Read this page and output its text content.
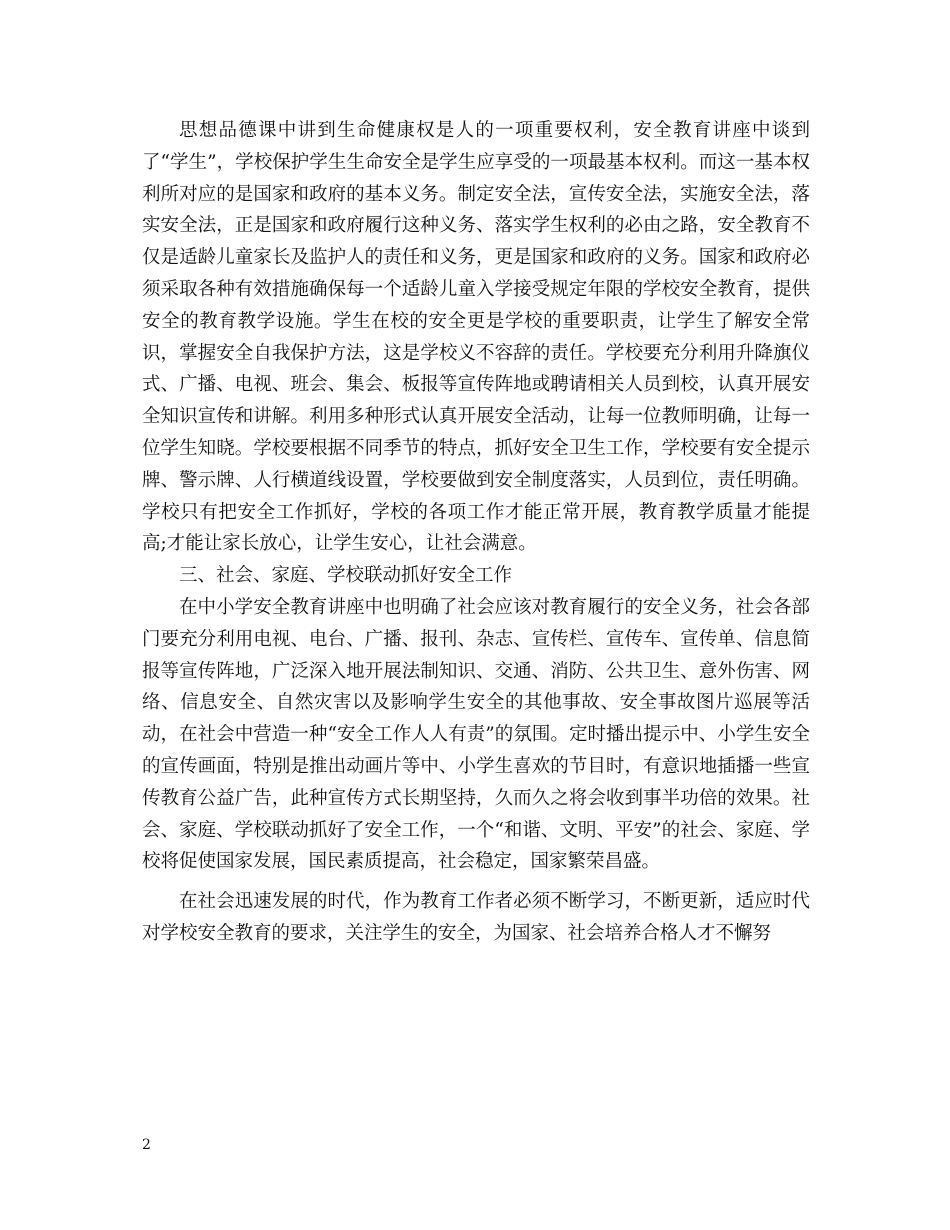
思想品德课中讲到生命健康权是人的一项重要权利，安全教育讲座中谈到了“学生”，学校保护学生生命安全是学生应享受的一项最基本权利。而这一基本权利所对应的是国家和政府的基本义务。制定安全法，宣传安全法，实施安全法，落实安全法，正是国家和政府履行这种义务、落实学生权利的必由之路，安全教育不仅是适龄儿童家长及监护人的责任和义务，更是国家和政府的义务。国家和政府必须采取各种有效措施确保每一个适龄儿童入学接受规定年限的学校安全教育，提供安全的教育教学设施。学生在校的安全更是学校的重要职责，让学生了解安全常识，掌握安全自我保护方法，这是学校义不容辞的责任。学校要充分利用升降旗仪式、广播、电视、班会、集会、板报等宣传阵地或聘请相关人员到校，认真开展安全知识宣传和讲解。利用多种形式认真开展安全活动，让每一位教师明确，让每一位学生知晓。学校要根据不同季节的特点，抓好安全卫生工作，学校要有安全提示牌、警示牌、人行横道线设置，学校要做到安全制度落实，人员到位，责任明确。学校只有把安全工作抓好，学校的各项工作才能正常开展，教育教学质量才能提高;才能让家长放心，让学生安心，让社会满意。

三、社会、家庭、学校联动抓好安全工作

在中小学安全教育讲座中也明确了社会应该对教育履行的安全义务，社会各部门要充分利用电视、电台、广播、报刊、杂志、宣传栏、宣传车、宣传单、信息简报等宣传阵地，广泛深入地开展法制知识、交通、消防、公共卫生、意外伤害、网络、信息安全、自然灾害以及影响学生安全的其他事故、安全事故图片巡展等活动，在社会中营造一种“安全工作人人有责”的氛围。定时播出提示中、小学生安全的宣传画面，特别是推出动画片等中、小学生喜欢的节目时，有意识地插播一些宣传教育公益广告，此种宣传方式长期坚持，久而久之将会收到事半功倍的效果。社会、家庭、学校联动抓好了安全工作，一个“和谐、文明、平安”的社会、家庭、学校将促使国家发展，国民素质提高，社会稳定，国家繁荣昌盛。

在社会迅速发展的时代，作为教育工作者必须不断学习，不断更新，适应时代对学校安全教育的要求，关注学生的安全，为国家、社会培养合格人才不懈努

2
